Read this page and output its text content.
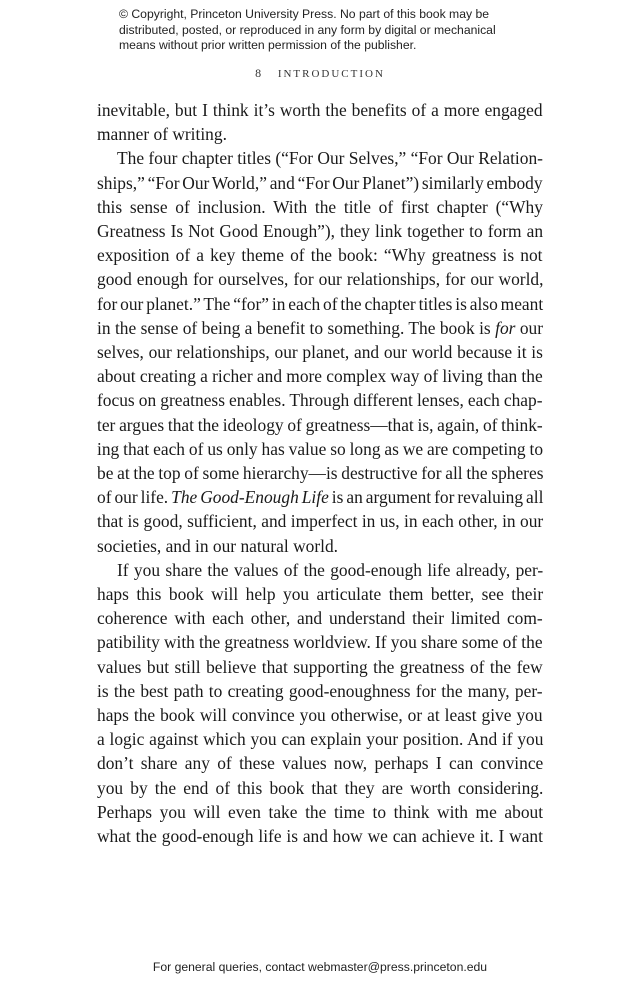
© Copyright, Princeton University Press. No part of this book may be
distributed, posted, or reproduced in any form by digital or mechanical
means without prior written permission of the publisher.
8 INTRODUCTION
inevitable, but I think it’s worth the benefits of a more engaged
manner of writing.
The four chapter titles (“For Our Selves,” “For Our Relation-
ships,” “For Our World,” and “For Our Planet”) similarly embody
this sense of inclusion. With the title of first chapter (“Why
Greatness Is Not Good Enough”), they link together to form an
exposition of a key theme of the book: “Why greatness is not
good enough for ourselves, for our relationships, for our world,
for our planet.” The “for” in each of the chapter titles is also meant
in the sense of being a benefit to something. The book is for our
selves, our relationships, our planet, and our world because it is
about creating a richer and more complex way of living than the
focus on greatness enables. Through different lenses, each chap-
ter argues that the ideology of greatness—that is, again, of think-
ing that each of us only has value so long as we are competing to
be at the top of some hierarchy—is destructive for all the spheres
of our life. The Good-Enough Life is an argument for revaluing all
that is good, sufficient, and imperfect in us, in each other, in our
societies, and in our natural world.
If you share the values of the good-enough life already, per-
haps this book will help you articulate them better, see their
coherence with each other, and understand their limited com-
patibility with the greatness worldview. If you share some of the
values but still believe that supporting the greatness of the few
is the best path to creating good-enoughness for the many, per-
haps the book will convince you otherwise, or at least give you
a logic against which you can explain your position. And if you
don’t share any of these values now, perhaps I can convince
you by the end of this book that they are worth considering.
Perhaps you will even take the time to think with me about
what the good-enough life is and how we can achieve it. I want
For general queries, contact webmaster@press.princeton.edu
